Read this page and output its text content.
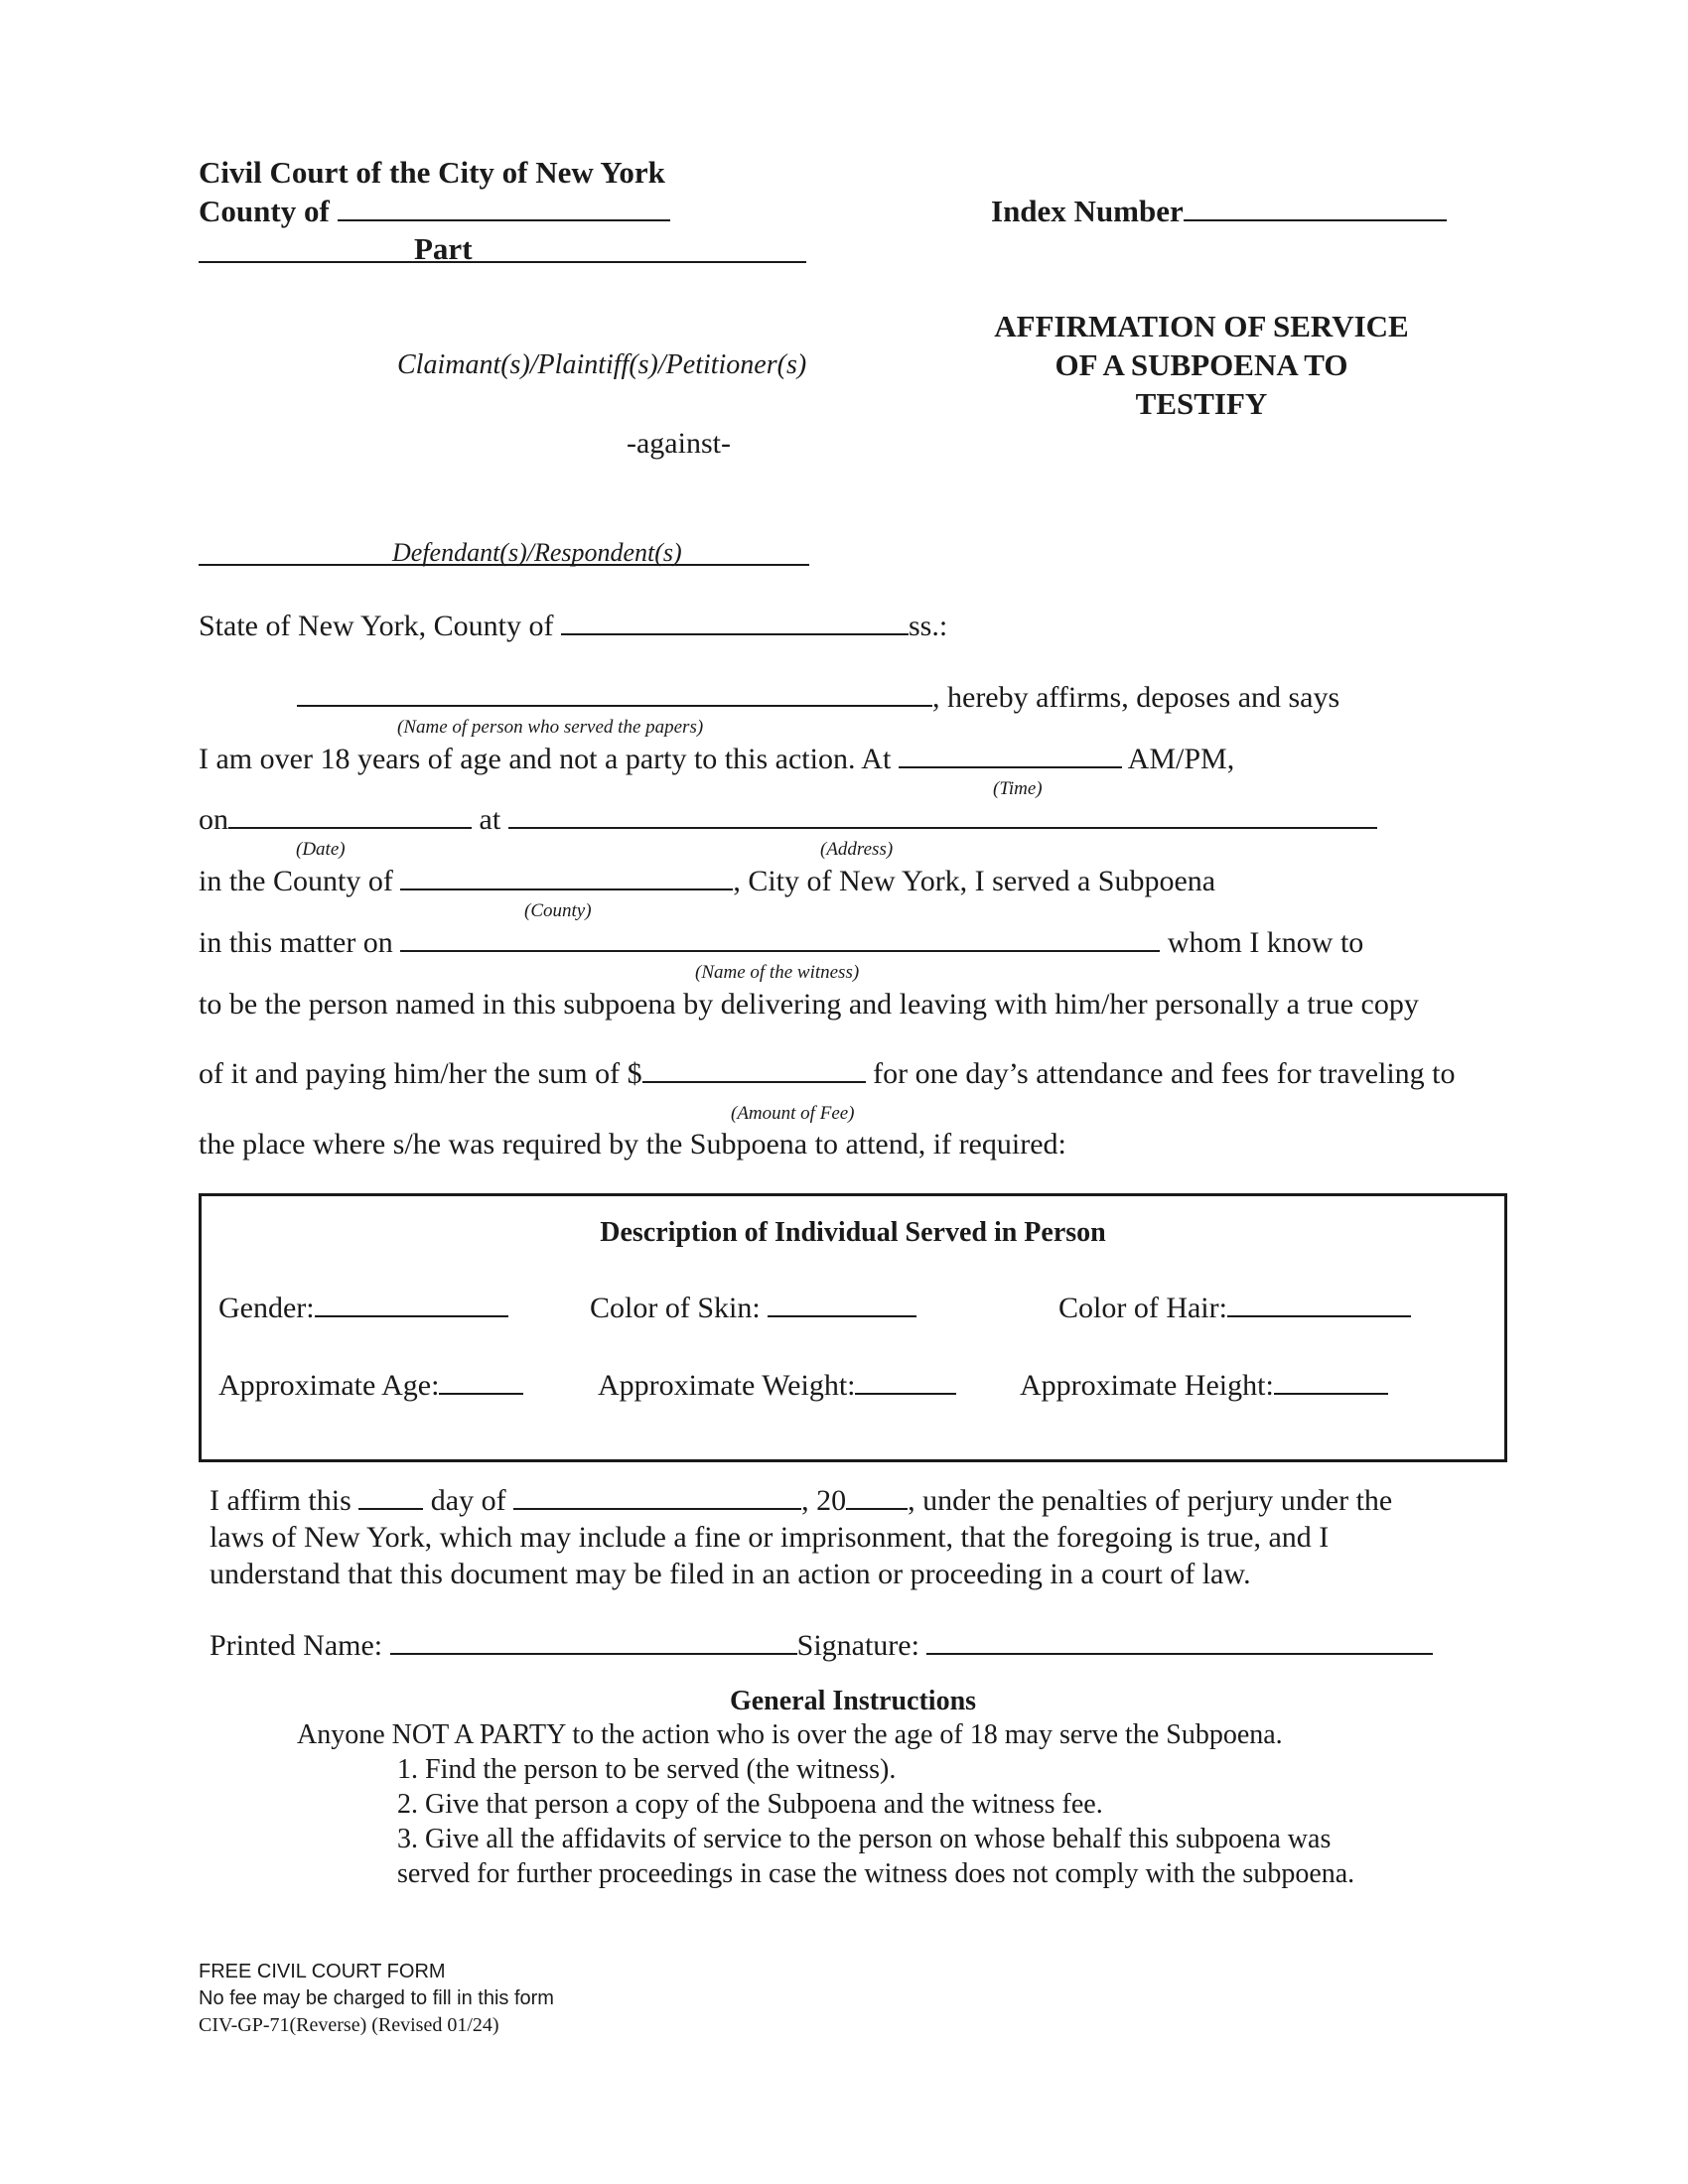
Civil Court of the City of New York
County of
Part
Index Number
AFFIRMATION OF SERVICE
OF A SUBPOENA TO
TESTIFY
Claimant(s)/Plaintiff(s)/Petitioner(s)
-against-
Defendant(s)/Respondent(s)
State of New York, County of	ss.:
, hereby affirms, deposes and says
(Name of person who served the papers)
I am over 18 years of age and not a party to this action. At	AM/PM,
(Time)
on	at
(Date)	(Address)
in the County of	, City of New York, I served a Subpoena
(County)
in this matter on	whom I know to
(Name of the witness)
to be the person named in this subpoena by delivering and leaving with him/her personally a true copy
of it and paying him/her the sum of $	for one day’s attendance and fees for traveling to
(Amount of Fee)
the place where s/he was required by the Subpoena to attend, if required:
Description of Individual Served in Person
Gender:	Color of Skin:	Color of Hair:
Approximate Age:	Approximate Weight:	Approximate Height:
I affirm this	day of	, 20 , under the penalties of perjury under the
laws of New York, which may include a fine or imprisonment, that the foregoing is true, and I
understand that this document may be filed in an action or proceeding in a court of law.
Printed Name:	Signature:
General Instructions
Anyone NOT A PARTY to the action who is over the age of 18 may serve the Subpoena.
1. Find the person to be served (the witness).
2. Give that person a copy of the Subpoena and the witness fee.
3. Give all the affidavits of service to the person on whose behalf this subpoena was
served for further proceedings in case the witness does not comply with the subpoena.
FREE CIVIL COURT FORM
No fee may be charged to fill in this form
CIV-GP-71(Reverse) (Revised 01/24)
